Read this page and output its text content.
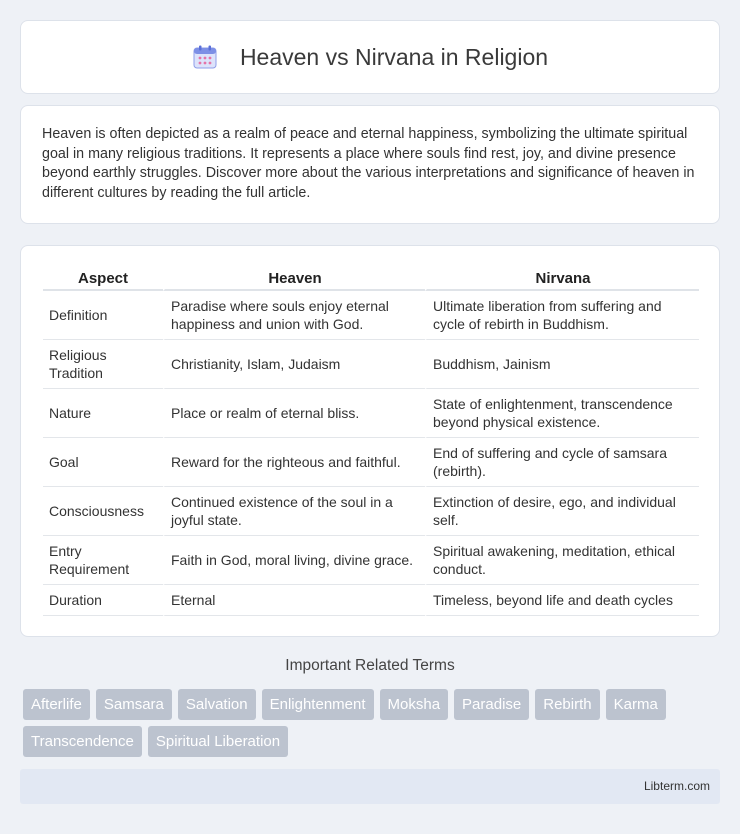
Heaven vs Nirvana in Religion

Heaven is often depicted as a realm of peace and eternal happiness, symbolizing the ultimate spiritual goal in many religious traditions. It represents a place where souls find rest, joy, and divine presence beyond earthly struggles. Discover more about the various interpretations and significance of heaven in different cultures by reading the full article.

Aspect	Heaven	Nirvana
Definition	Paradise where souls enjoy eternal happiness and union with God.	Ultimate liberation from suffering and cycle of rebirth in Buddhism.
Religious Tradition	Christianity, Islam, Judaism	Buddhism, Jainism
Nature	Place or realm of eternal bliss.	State of enlightenment, transcendence beyond physical existence.
Goal	Reward for the righteous and faithful.	End of suffering and cycle of samsara (rebirth).
Consciousness	Continued existence of the soul in a joyful state.	Extinction of desire, ego, and individual self.
Entry Requirement	Faith in God, moral living, divine grace.	Spiritual awakening, meditation, ethical conduct.
Duration	Eternal	Timeless, beyond life and death cycles
Important Related Terms
Afterlife	Samsara	Salvation	Enlightenment	Moksha	Paradise	Rebirth	Karma
Transcendence	Spiritual Liberation
Libterm.com
